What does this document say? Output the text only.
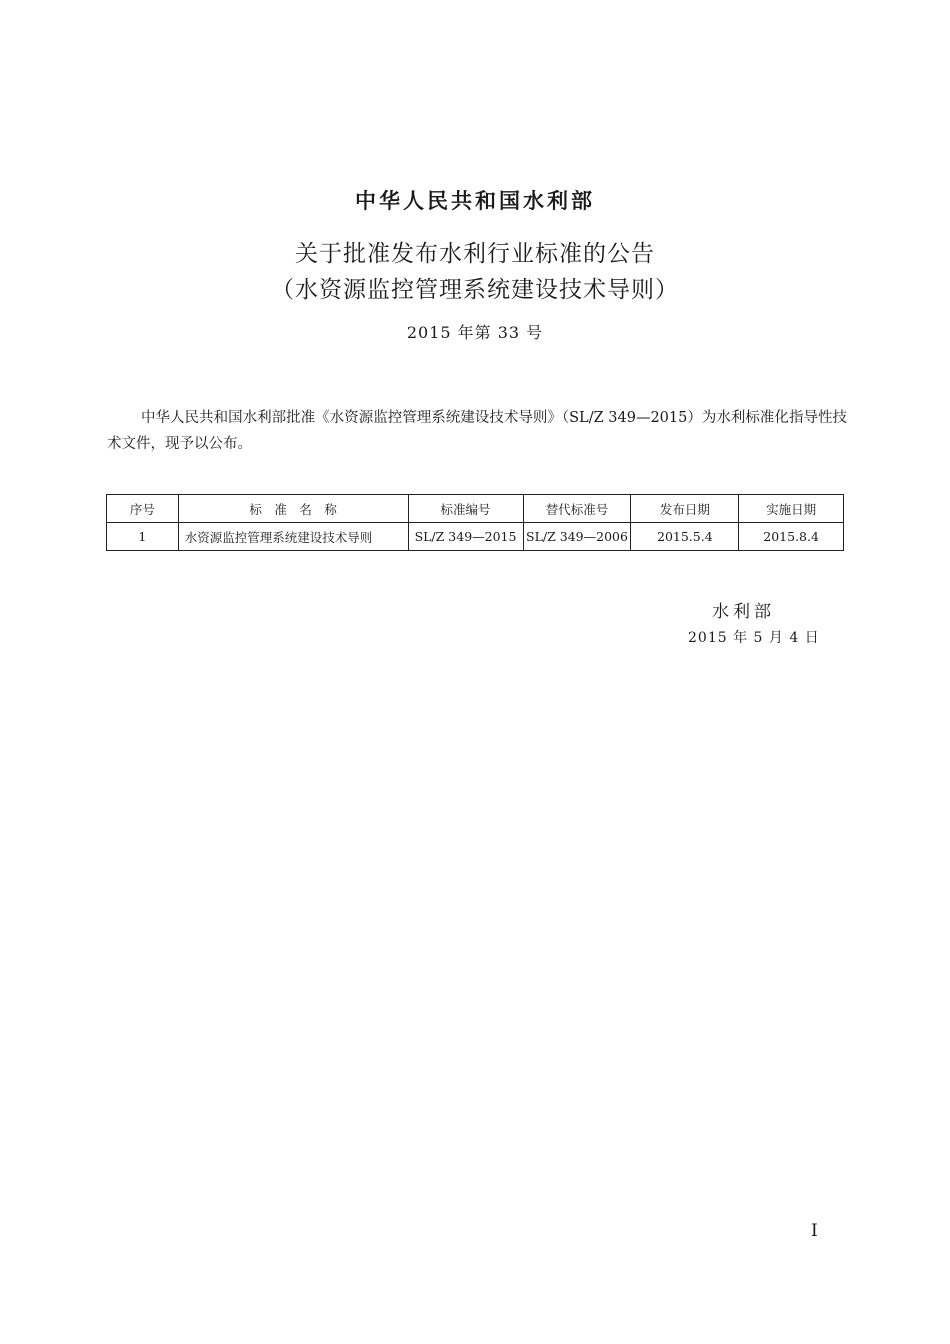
中华人民共和国水利部
关于批准发布水利行业标准的公告
（水资源监控管理系统建设技术导则）
2015 年第 33 号

中华人民共和国水利部批准《水资源监控管理系统建设技术导则》（SL/Z 349—2015）为水利标准化指导性技术文件，现予以公布。

序号	标　准　名　称	标准编号	替代标准号	发布日期	实施日期
1	水资源监控管理系统建设技术导则	SL/Z 349—2015	SL/Z 349—2006	2015.5.4	2015.8.4
水利部
2015 年 5 月 4 日
I
